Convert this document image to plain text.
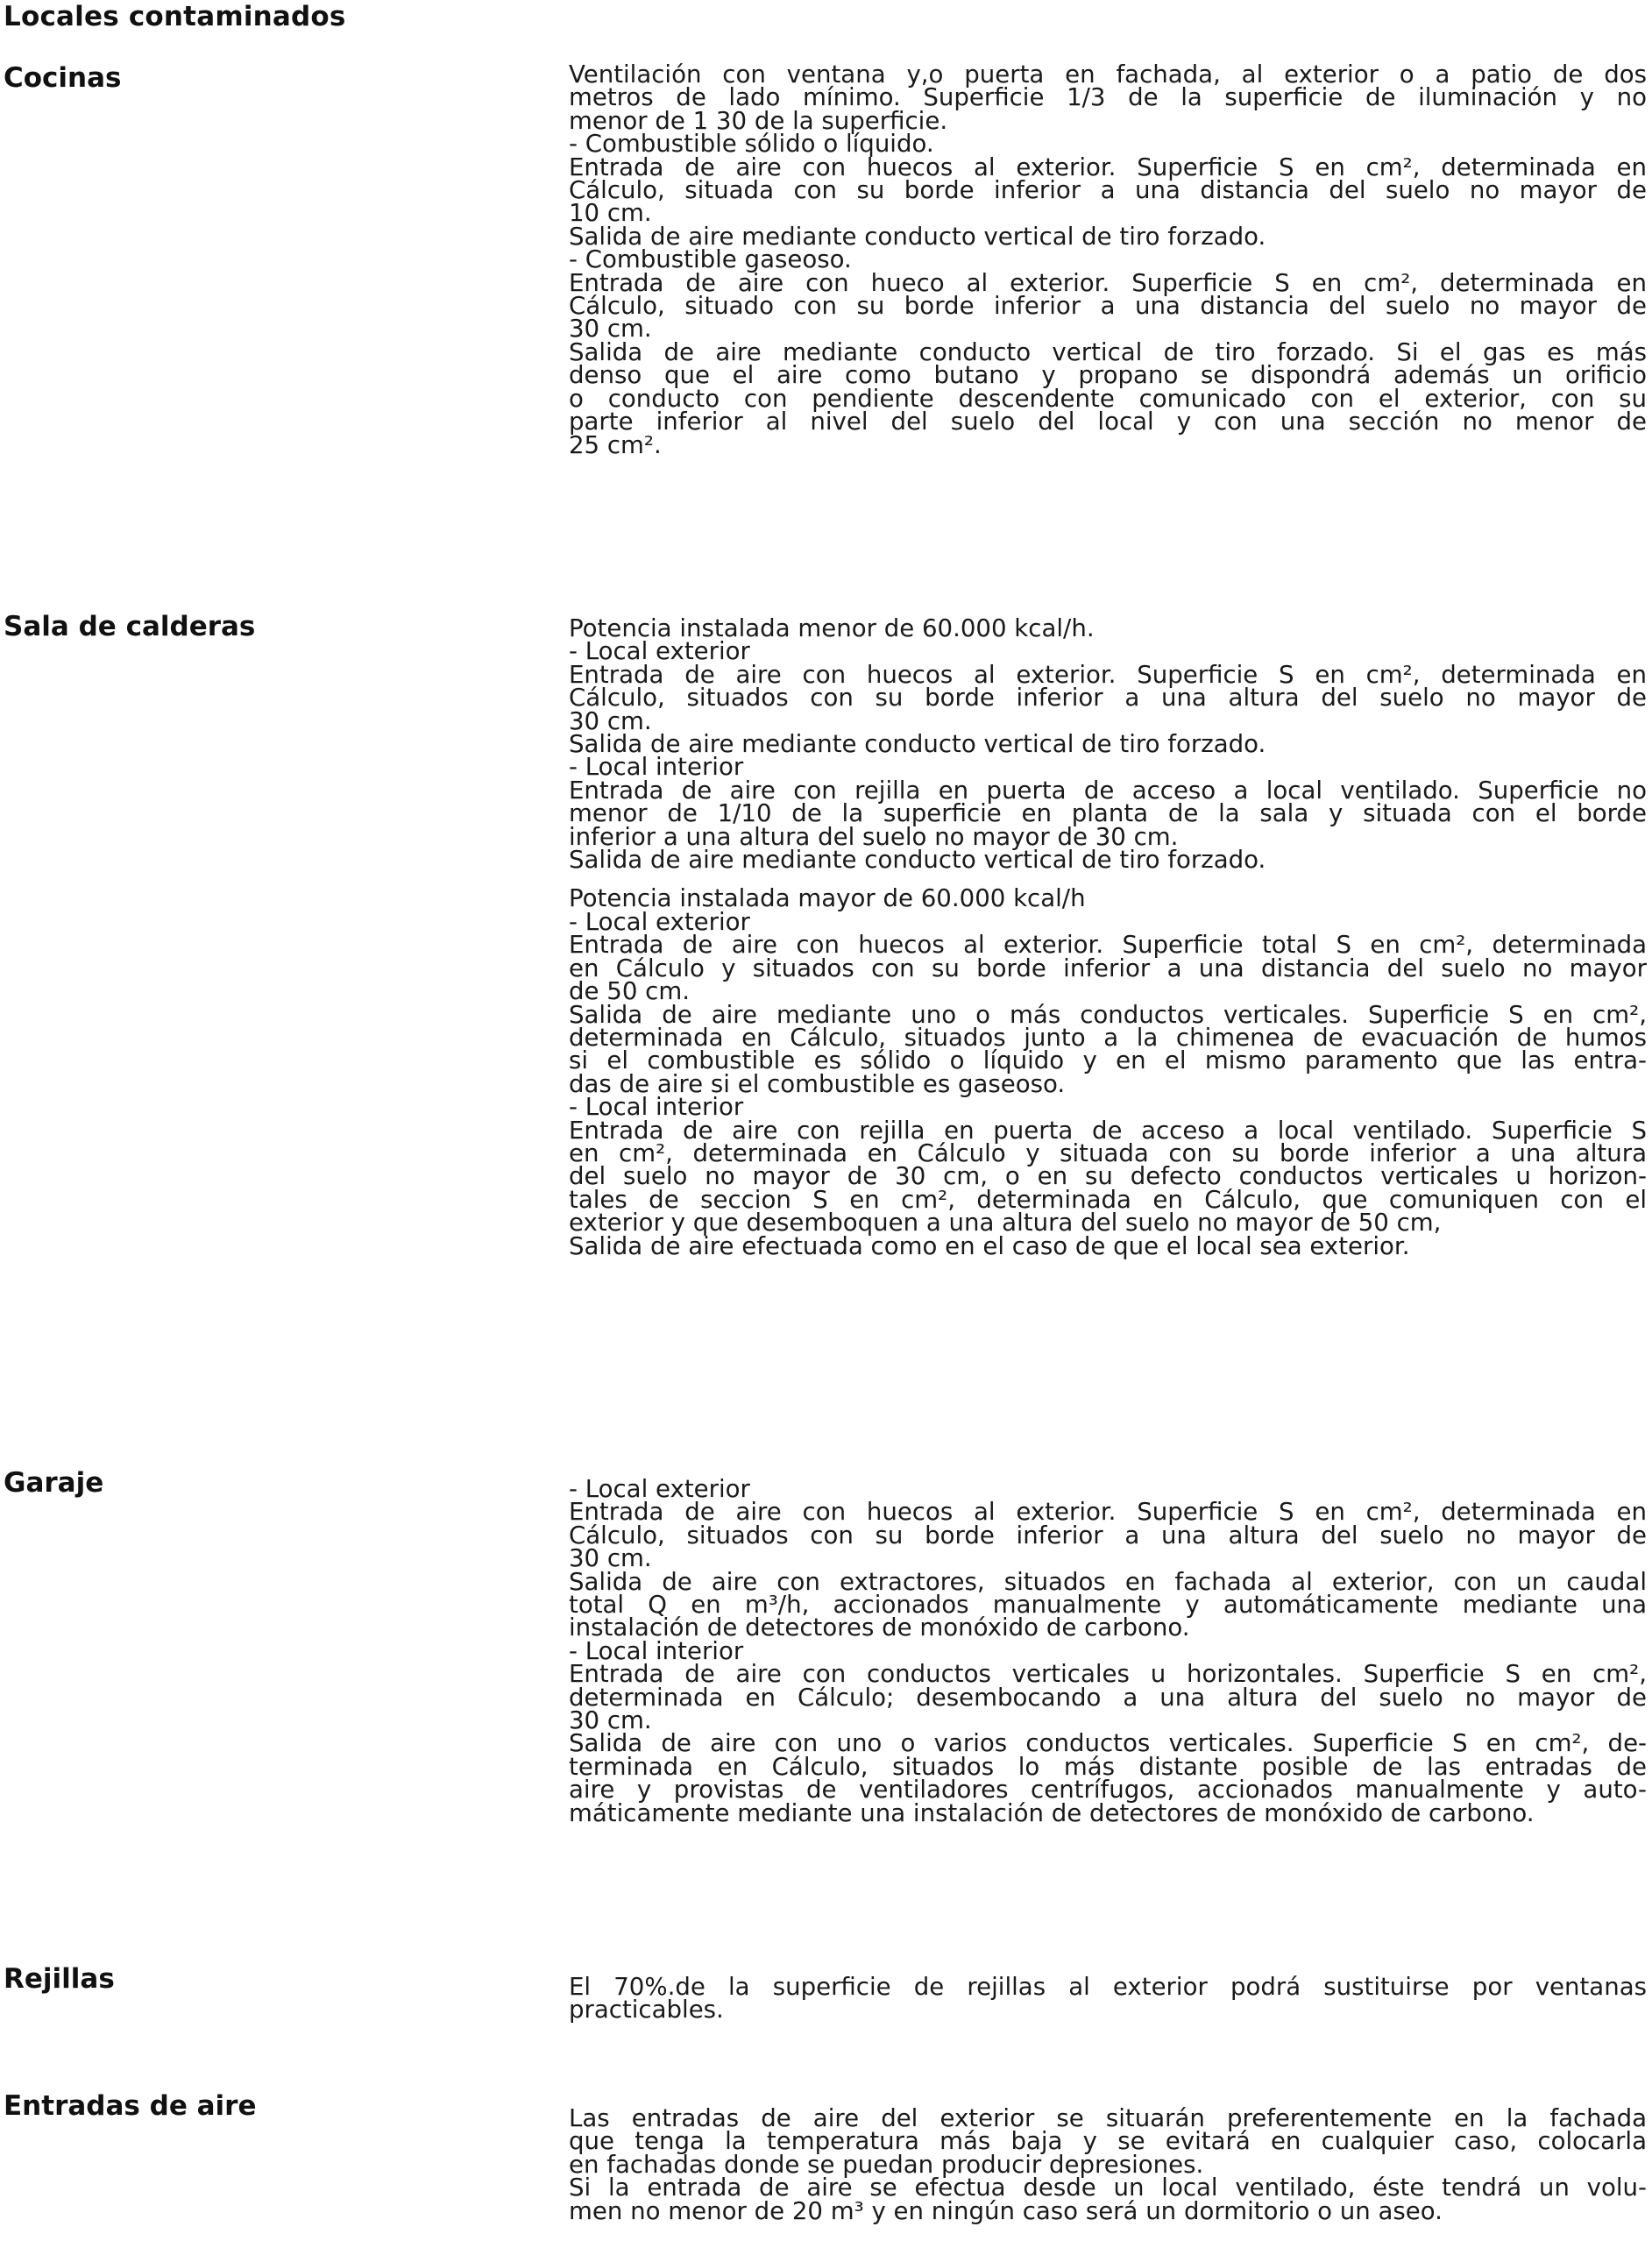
Locales contaminados
Cocinas	Ventilación con ventana y,o puerta en fachada, al exterior o a patio de dos
metros de lado mínimo. Superficie 1/3 de la superficie de iluminación y no
menor de 1 30 de la superficie.
- Combustible sólido o líquido.
Entrada de aire con huecos al exterior. Superficie S en cm², determinada en
Cálculo, situada con su borde inferior a una distancia del suelo no mayor de
10 cm.
Salida de aire mediante conducto vertical de tiro forzado.
- Combustible gaseoso.
Entrada de aire con hueco al exterior. Superficie S en cm², determinada en
Cálculo, situado con su borde inferior a una distancia del suelo no mayor de
30 cm.
Salida de aire mediante conducto vertical de tiro forzado. Si el gas es más
denso que el aire como butano y propano se dispondrá además un orificio
o conducto con pendiente descendente comunicado con el exterior, con su
parte inferior al nivel del suelo del local y con una sección no menor de
25 cm².
Sala de calderas	Potencia instalada menor de 60.000 kcal/h.
- Local exterior
Entrada de aire con huecos al exterior. Superficie S en cm², determinada en
Cálculo, situados con su borde inferior a una altura del suelo no mayor de
30 cm.
Salida de aire mediante conducto vertical de tiro forzado.
- Local interior
Entrada de aire con rejilla en puerta de acceso a local ventilado. Superficie no
menor de 1/10 de la superficie en planta de la sala y situada con el borde
inferior a una altura del suelo no mayor de 30 cm.
Salida de aire mediante conducto vertical de tiro forzado.
Potencia instalada mayor de 60.000 kcal/h
- Local exterior
Entrada de aire con huecos al exterior. Superficie total S en cm², determinada
en Cálculo y situados con su borde inferior a una distancia del suelo no mayor
de 50 cm.
Salida de aire mediante uno o más conductos verticales. Superficie S en cm²,
determinada en Cálculo, situados junto a la chimenea de evacuación de humos
si el combustible es sólido o líquido y en el mismo paramento que las entra-
das de aire si el combustible es gaseoso.
- Local interior
Entrada de aire con rejilla en puerta de acceso a local ventilado. Superficie S
en cm², determinada en Cálculo y situada con su borde inferior a una altura
del suelo no mayor de 30 cm, o en su defecto conductos verticales u horizon-
tales de seccion S en cm², determinada en Cálculo, que comuniquen con el
exterior y que desemboquen a una altura del suelo no mayor de 50 cm,
Salida de aire efectuada como en el caso de que el local sea exterior.
Garaje	- Local exterior
Entrada de aire con huecos al exterior. Superficie S en cm², determinada en
Cálculo, situados con su borde inferior a una altura del suelo no mayor de
30 cm.
Salida de aire con extractores, situados en fachada al exterior, con un caudal
total Q en m³/h, accionados manualmente y automáticamente mediante una
instalación de detectores de monóxido de carbono.
- Local interior
Entrada de aire con conductos verticales u horizontales. Superficie S en cm²,
determinada en Cálculo; desembocando a una altura del suelo no mayor de
30 cm.
Salida de aire con uno o varios conductos verticales. Superficie S en cm², de-
terminada en Cálculo, situados lo más distante posible de las entradas de
aire y provistas de ventiladores centrífugos, accionados manualmente y auto-
máticamente mediante una instalación de detectores de monóxido de carbono.
Rejillas	El 70%.de la superficie de rejillas al exterior podrá sustituirse por ventanas
practicables.
Entradas de aire	Las entradas de aire del exterior se situarán preferentemente en la fachada
que tenga la temperatura más baja y se evitará en cualquier caso, colocarla
en fachadas donde se puedan producir depresiones.
Si la entrada de aire se efectua desde un local ventilado, éste tendrá un volu-
men no menor de 20 m³ y en ningún caso será un dormitorio o un aseo.
